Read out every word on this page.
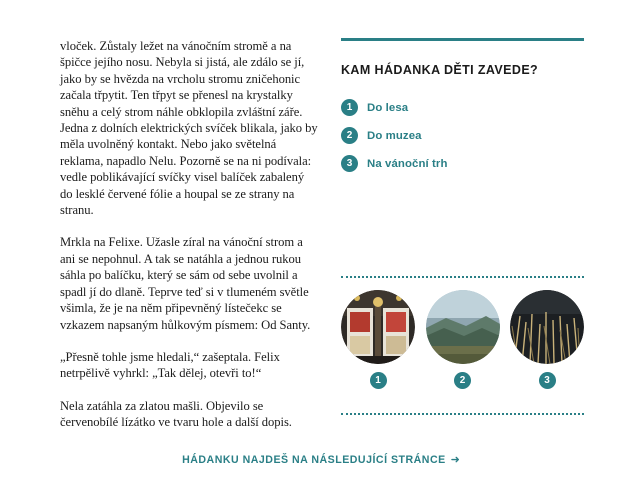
vloček. Zůstaly ležet na vánočním stromě a na špičce jejího nosu. Nebyla si jistá, ale zdálo se jí, jako by se hvězda na vrcholu stromu zničehonic začala třpytit. Ten třpyt se přenesl na krystalky sněhu a celý strom náhle obklopila zvláštní záře. Jedna z dolních elektrických svíček blikala, jako by měla uvolněný kontakt. Nebo jako světelná reklama, napadlo Nelu. Pozorně se na ni podívala: vedle poblikávající svíčky visel balíček zabalený do lesklé červené fólie a houpal se ze strany na stranu.

Mrkla na Felixe. Užasle zíral na vánoční strom a ani se nepohnul. A tak se natáhla a jednou rukou sáhla po balíčku, který se sám od sebe uvolnil a spadl jí do dlaně. Teprve teď si v tlumeném světle všimla, že je na něm připevněný lístečekc se vzkazem napsaným hůlkovým písmem: Od Santy.

„Přesně tohle jsme hledali,“ zašeptala. Felix netrpělivě vyhrkl: „Tak dělej, otevři to!“

Nela zatáhla za zlatou mašli. Objevilo se červenobílé lízátko ve tvaru hole a další dopis.

KAM HÁDANKA DĚTI ZAVEDE?
1	Do lesa
2	Do muzea
3	Na vánoční trh
1	2	3
HÁDANKU NAJDEŠ NA NÁSLEDUJÍCÍ STRÁNCE ➜
